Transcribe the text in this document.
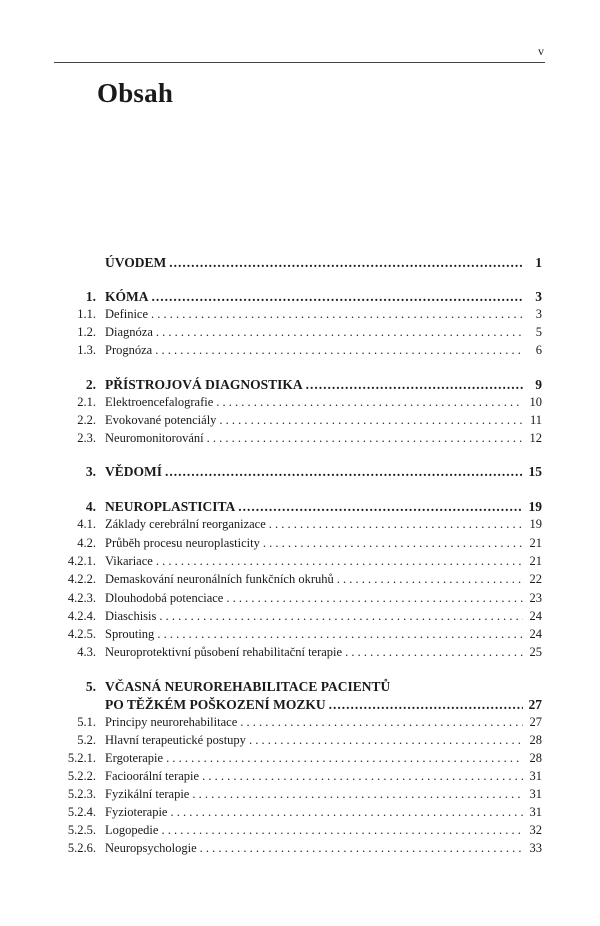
v
Obsah
ÚVODEM .....	1
1. KÓMA .....	3
1.1. Definice . . .	3
1.2. Diagnóza . . .	5
1.3. Prognóza . . .	6
2. PŘÍSTROJOVÁ DIAGNOSTIKA .....	9
2.1. Elektroencefalografie . . .	10
2.2. Evokované potenciály . . .	11
2.3. Neuromonitorování . . .	12
3. VĚDOMÍ .....	15
4. NEUROPLASTICITA .....	19
4.1. Základy cerebrální reorganizace . . .	19
4.2. Průběh procesu neuroplasticity . . .	21
4.2.1. Vikariace . . .	21
4.2.2. Demaskování neuronálních funkčních okruhů . . .	22
4.2.3. Dlouhodobá potenciace . . .	23
4.2.4. Diaschisis . . .	24
4.2.5. Sprouting . . .	24
4.3. Neuroprotektivní působení rehabilitační terapie . . .	25
5. VČASNÁ NEUROREHABILITACE PACIENTŮ
PO TĚŽKÉM POŠKOZENÍ MOZKU .....	27
5.1. Principy neurorehabilitace . . .	27
5.2. Hlavní terapeutické postupy . . .	28
5.2.1. Ergoterapie . . .	28
5.2.2. Facioorální terapie . . .	31
5.2.3. Fyzikální terapie . . .	31
5.2.4. Fyzioterapie . . .	31
5.2.5. Logopedie . . .	32
5.2.6. Neuropsychologie . . .	33
